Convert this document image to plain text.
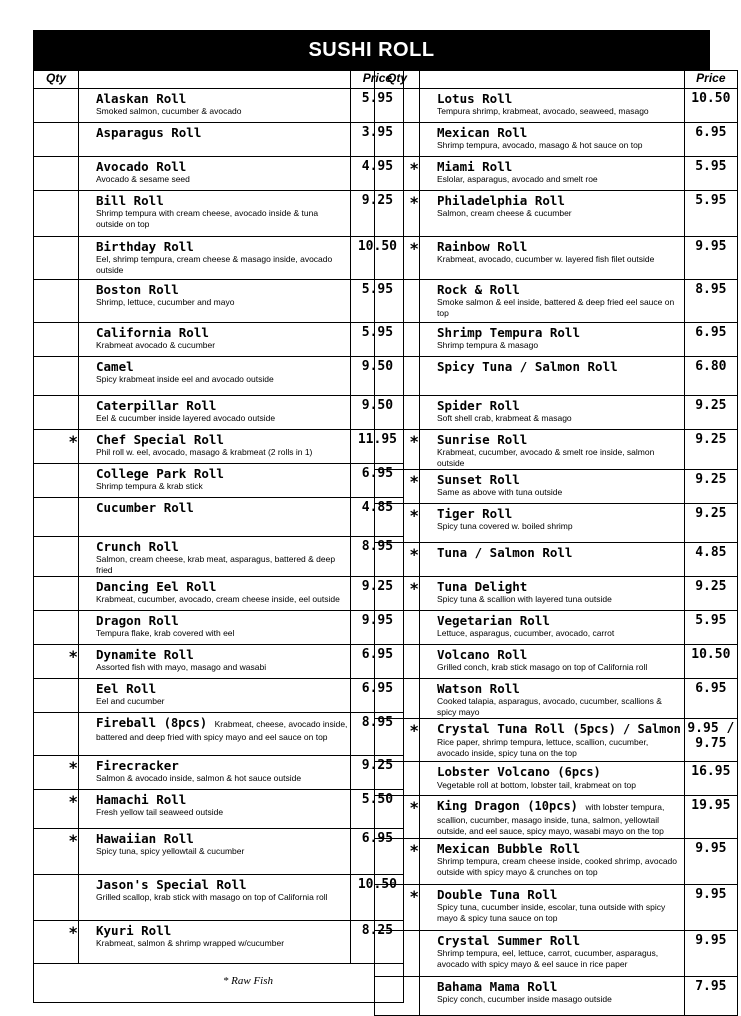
SUSHI ROLL
Qty		Price

	Alaskan Roll
Smoked salmon, cucumber & avocado	5.95

	Asparagus Roll	3.95

	Avocado Roll
Avocado & sesame seed	4.95

	Bill Roll
Shrimp tempura with cream cheese, avocado inside & tuna outside on top	9.25

	Birthday Roll
Eel, shrimp tempura, cream cheese & masago inside, avocado outside	10.50

	Boston Roll
Shrimp, lettuce, cucumber and mayo	5.95

	California Roll
Krabmeat avocado & cucumber	5.95

	Camel
Spicy krabmeat inside eel and avocado outside	9.50

	Caterpillar Roll
Eel & cucumber inside layered avocado outside	9.50

*	Chef Special Roll
Phil roll w. eel, avocado, masago & krabmeat (2 rolls in 1)	11.95

	College Park Roll
Shrimp tempura & krab stick	6.95

	Cucumber Roll	4.85

	Crunch Roll
Salmon, cream cheese, krab meat, asparagus, battered & deep fried	8.95

	Dancing Eel Roll
Krabmeat, cucumber, avocado, cream cheese inside, eel outside	9.25

	Dragon Roll
Tempura flake, krab covered with eel	9.95

*	Dynamite Roll
Assorted fish with mayo, masago and wasabi	6.95

	Eel Roll
Eel and cucumber	6.95

	Fireball (8pcs) Krabmeat, cheese, avocado inside,
battered and deep fried with spicy mayo and eel sauce on top	8.95

*	Firecracker
Salmon & avocado inside, salmon & hot sauce outside	9.25

*	Hamachi Roll
Fresh yellow tail seaweed outside	5.50

*	Hawaiian Roll
Spicy tuna, spicy yellowtail & cucumber	6.95

	Jason's Special Roll
Grilled scallop, krab stick with masago on top of California roll	10.50

*	Kyuri Roll
Krabmeat, salmon & shrimp wrapped w/cucumber	8.25

	* Raw Fish	
Qty		Price

	Lotus Roll
Tempura shrimp, krabmeat, avocado, seaweed, masago	10.50

	Mexican Roll
Shrimp tempura, avocado, masago & hot sauce on top	6.95

*	Miami Roll
Eslolar, asparagus, avocado and smelt roe	5.95

*	Philadelphia Roll
Salmon, cream cheese & cucumber	5.95

*	Rainbow Roll
Krabmeat, avocado, cucumber w. layered fish filet outside	9.95

	Rock & Roll
Smoke salmon & eel inside, battered & deep fried eel sauce on top	8.95

	Shrimp Tempura Roll
Shrimp tempura & masago	6.95

	Spicy Tuna / Salmon Roll	6.80

	Spider Roll
Soft shell crab, krabmeat & masago	9.25

*	Sunrise Roll
Krabmeat, cucumber, avocado & smelt roe inside, salmon outside	9.25

*	Sunset Roll
Same as above with tuna outside	9.25

*	Tiger Roll
Spicy tuna covered w. boiled shrimp	9.25

*	Tuna / Salmon Roll	4.85

*	Tuna Delight
Spicy tuna & scallion with layered tuna outside	9.25

	Vegetarian Roll
Lettuce, asparagus, cucumber, avocado, carrot	5.95

	Volcano Roll
Grilled conch, krab stick masago on top of California roll	10.50

	Watson Roll
Cooked talapia, asparagus, avocado, cucumber, scallions & spicy mayo	6.95

*	Crystal Tuna Roll (5pcs) / Salmon
Rice paper, shrimp tempura, lettuce, scallion, cucumber, avocado inside, spicy tuna on the top	9.95 / 9.75

	Lobster Volcano (6pcs)
Vegetable roll at bottom, lobster tail, krabmeat on top	16.95

*	King Dragon (10pcs) with lobster tempura,
scallion, cucumber, masago inside, tuna, salmon, yellowtail outside, and eel sauce, spicy mayo, wasabi mayo on the top	19.95

*	Mexican Bubble Roll
Shrimp tempura, cream cheese inside, cooked shrimp, avocado outside with spicy mayo & crunches on top	9.95

*	Double Tuna Roll
Spicy tuna, cucumber inside, escolar, tuna outside with spicy mayo & spicy tuna sauce on top	9.95

	Crystal Summer Roll
Shrimp tempura, eel, lettuce, carrot, cucumber, asparagus, avocado with spicy mayo & eel sauce in rice paper	9.95

	Bahama Mama Roll
Spicy conch, cucumber inside masago outside	7.95
